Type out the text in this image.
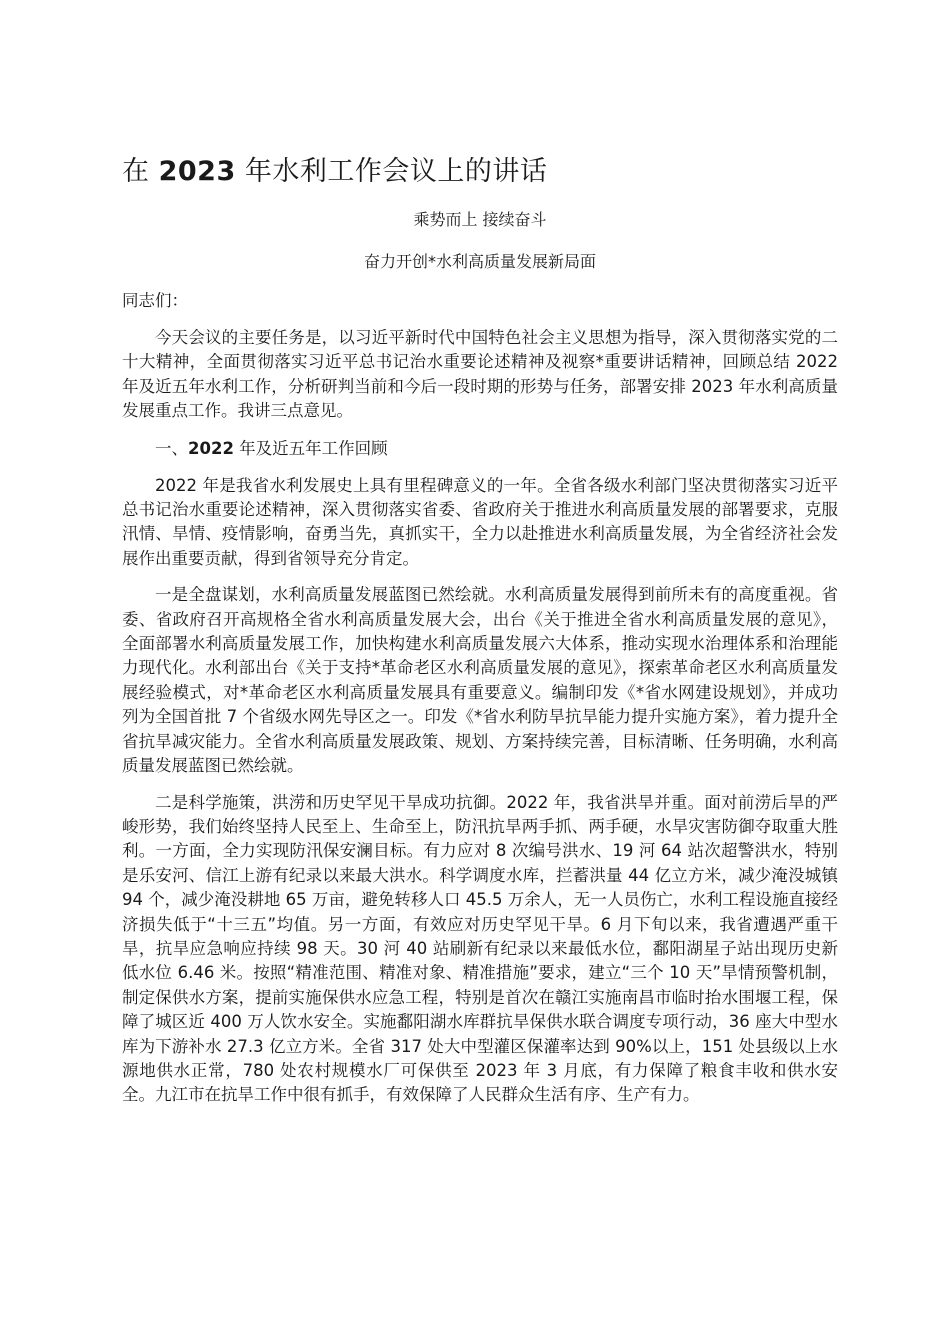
在 2023 年水利工作会议上的讲话

乘势而上 接续奋斗

奋力开创*水利高质量发展新局面

同志们：

今天会议的主要任务是，以习近平新时代中国特色社会主义思想为指导，深入贯彻落实党的二十大精神，全面贯彻落实习近平总书记治水重要论述精神及视察*重要讲话精神，回顾总结 2022 年及近五年水利工作，分析研判当前和今后一段时期的形势与任务，部署安排 2023 年水利高质量发展重点工作。我讲三点意见。

一、2022 年及近五年工作回顾

2022 年是我省水利发展史上具有里程碑意义的一年。全省各级水利部门坚决贯彻落实习近平总书记治水重要论述精神，深入贯彻落实省委、省政府关于推进水利高质量发展的部署要求，克服汛情、旱情、疫情影响，奋勇当先，真抓实干，全力以赴推进水利高质量发展，为全省经济社会发展作出重要贡献，得到省领导充分肯定。

一是全盘谋划，水利高质量发展蓝图已然绘就。水利高质量发展得到前所未有的高度重视。省委、省政府召开高规格全省水利高质量发展大会，出台《关于推进全省水利高质量发展的意见》，全面部署水利高质量发展工作，加快构建水利高质量发展六大体系，推动实现水治理体系和治理能力现代化。水利部出台《关于支持*革命老区水利高质量发展的意见》，探索革命老区水利高质量发展经验模式，对*革命老区水利高质量发展具有重要意义。编制印发《*省水网建设规划》，并成功列为全国首批 7 个省级水网先导区之一。印发《*省水利防旱抗旱能力提升实施方案》，着力提升全省抗旱减灾能力。全省水利高质量发展政策、规划、方案持续完善，目标清晰、任务明确，水利高质量发展蓝图已然绘就。

二是科学施策，洪涝和历史罕见干旱成功抗御。2022 年，我省洪旱并重。面对前涝后旱的严峻形势，我们始终坚持人民至上、生命至上，防汛抗旱两手抓、两手硬，水旱灾害防御夺取重大胜利。一方面，全力实现防汛保安澜目标。有力应对 8 次编号洪水、19 河 64 站次超警洪水，特别是乐安河、信江上游有纪录以来最大洪水。科学调度水库，拦蓄洪量 44 亿立方米，减少淹没城镇 94 个，减少淹没耕地 65 万亩，避免转移人口 45.5 万余人，无一人员伤亡，水利工程设施直接经济损失低于“十三五”均值。另一方面，有效应对历史罕见干旱。6 月下旬以来，我省遭遇严重干旱，抗旱应急响应持续 98 天。30 河 40 站刷新有纪录以来最低水位，鄱阳湖星子站出现历史新低水位 6.46 米。按照“精准范围、精准对象、精准措施”要求，建立“三个 10 天”旱情预警机制，制定保供水方案，提前实施保供水应急工程，特别是首次在赣江实施南昌市临时抬水围堰工程，保障了城区近 400 万人饮水安全。实施鄱阳湖水库群抗旱保供水联合调度专项行动，36 座大中型水库为下游补水 27.3 亿立方米。全省 317 处大中型灌区保灌率达到 90%以上，151 处县级以上水源地供水正常，780 处农村规模水厂可保供至 2023 年 3 月底，有力保障了粮食丰收和供水安全。九江市在抗旱工作中很有抓手，有效保障了人民群众生活有序、生产有力。
